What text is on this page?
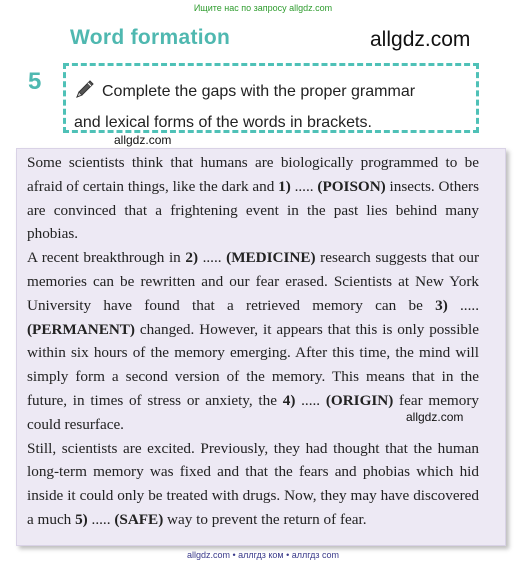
Ищите нас по запросу allgdz.com
Word formation	allgdz.com
5	Complete the gaps with the proper grammar
and lexical forms of the words in brackets.
allgdz.com

Some scientists think that humans are biologically programmed to be afraid of certain things, like the dark and 1) ..... (POISON) insects. Others are convinced that a frightening event in the past lies behind many phobias.

A recent breakthrough in 2) ..... (MEDICINE) research suggests that our memories can be rewritten and our fear erased. Scientists at New York University have found that a retrieved memory can be 3) ..... (PERMANENT) changed. However, it appears that this is only possible within six hours of the memory emerging. After this time, the mind will simply form a second version of the memory. This means that in the future, in times of stress or anxiety, the 4) ..... (ORIGIN) fear memory could resurface.

Still, scientists are excited. Previously, they had thought that the human long-term memory was fixed and that the fears and phobias which hid inside it could only be treated with drugs. Now, they may have discovered a much 5) ..... (SAFE) way to prevent the return of fear.

allgdz.com
allgdz.com • аллгдз ком • аллгдз com
